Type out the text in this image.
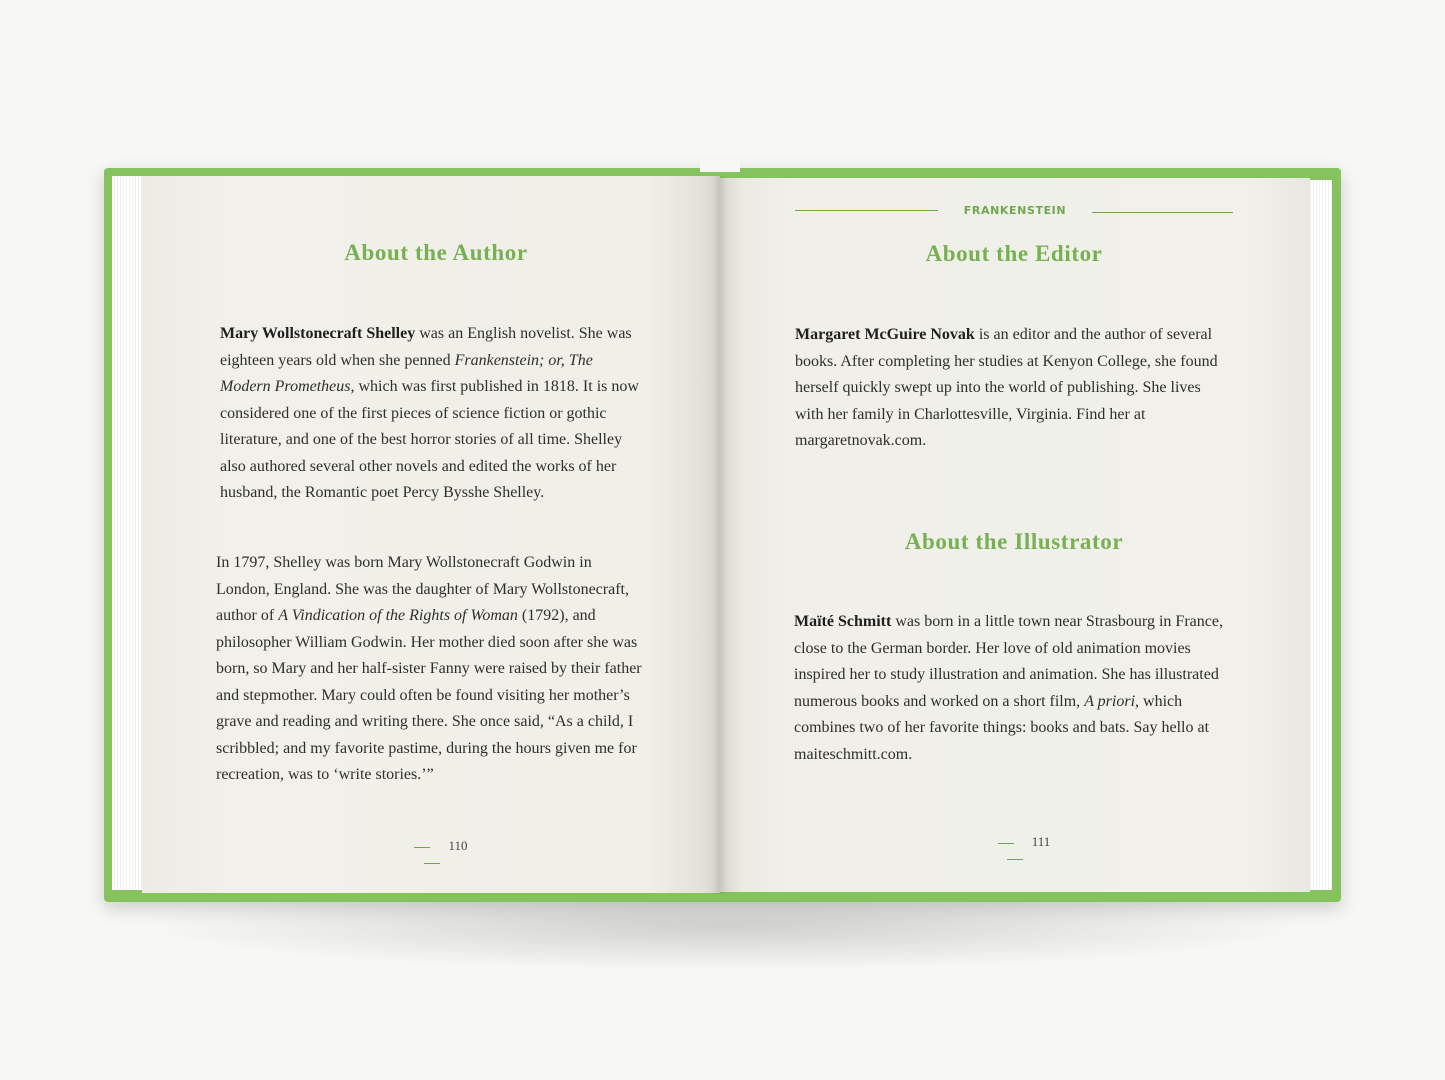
About the Author

Mary Wollstonecraft Shelley was an English novelist. She was eighteen years old when she penned Frankenstein; or, The Modern Prometheus, which was first published in 1818. It is now considered one of the first pieces of science fiction or gothic literature, and one of the best horror stories of all time. Shelley also authored several other novels and edited the works of her husband, the Romantic poet Percy Bysshe Shelley.

In 1797, Shelley was born Mary Wollstonecraft Godwin in London, England. She was the daughter of Mary Wollstonecraft, author of A Vindication of the Rights of Woman (1792), and philosopher William Godwin. Her mother died soon after she was born, so Mary and her half-sister Fanny were raised by their father and stepmother. Mary could often be found visiting her mother’s grave and reading and writing there. She once said, “As a child, I scribbled; and my favorite pastime, during the hours given me for recreation, was to ‘write stories.’”

110
FRANKENSTEIN
About the Editor

Margaret McGuire Novak is an editor and the author of several books. After completing her studies at Kenyon College, she found herself quickly swept up into the world of publishing. She lives with her family in Charlottesville, Virginia. Find her at margaretnovak.com.

About the Illustrator

Maïté Schmitt was born in a little town near Strasbourg in France, close to the German border. Her love of old animation movies inspired her to study illustration and animation. She has illustrated numerous books and worked on a short film, A priori, which combines two of her favorite things: books and bats. Say hello at maiteschmitt.com.

111
